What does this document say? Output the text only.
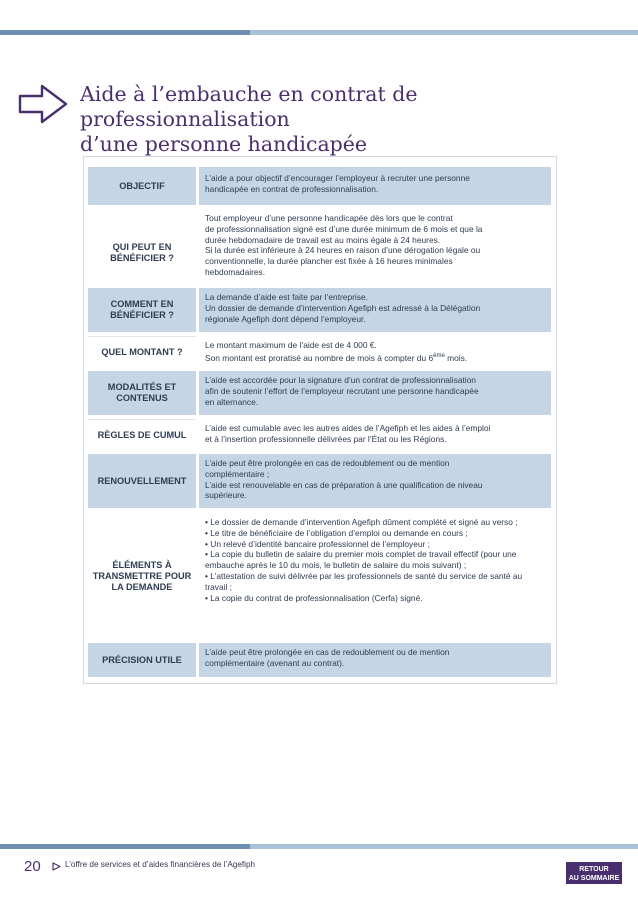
Aide à l’embauche en contrat de professionnalisation
d’une personne handicapée
OBJECTIF
L’aide a pour objectif d’encourager l’employeur à recruter une personne
handicapée en contrat de professionnalisation.
QUI PEUT EN BÉNÉFICIER ?
Tout employeur d’une personne handicapée dès lors que le contrat
de professionnalisation signé est d’une durée minimum de 6 mois et que la
durée hebdomadaire de travail est au moins égale à 24 heures.
Si la durée est inférieure à 24 heures en raison d’une dérogation légale ou
conventionnelle, la durée plancher est fixée à 16 heures minimales
hebdomadaires.
COMMENT EN BÉNÉFICIER ?
La demande d’aide est faite par l’entreprise.
Un dossier de demande d’intervention Agefiph est adressé à la Délégation
régionale Agefiph dont dépend l’employeur.
QUEL MONTANT ?
Le montant maximum de l’aide est de 4 000 €.
Son montant est proratisé au nombre de mois à compter du 6ème mois.
MODALITÉS ET CONTENUS
L’aide est accordée pour la signature d’un contrat de professionnalisation
afin de soutenir l’effort de l’employeur recrutant une personne handicapée
en alternance.
RÈGLES DE CUMUL
L’aide est cumulable avec les autres aides de l’Agefiph et les aides à l’emploi
et à l’insertion professionnelle délivrées par l’État ou les Régions.
RENOUVELLEMENT
L’aide peut être prolongée en cas de redoublement ou de mention
complémentaire ;
L’aide est renouvelable en cas de préparation à une qualification de niveau
supérieure.
ÉLÉMENTS À TRANSMETTRE POUR LA DEMANDE
• Le dossier de demande d’intervention Agefiph dûment complété et signé au verso ;
• Le titre de bénéficiaire de l’obligation d’emploi ou demande en cours ;
• Un relevé d’identité bancaire professionnel de l’employeur ;
• La copie du bulletin de salaire du premier mois complet de travail effectif (pour une embauche après le 10 du mois, le bulletin de salaire du mois suivant) ;
• L’attestation de suivi délivrée par les professionnels de santé du service de santé au travail ;
• La copie du contrat de professionnalisation (Cerfa) signé.
PRÉCISION UTILE
L’aide peut être prolongée en cas de redoublement ou de mention
complémentaire (avenant au contrat).
20	L’offre de services et d’aides financières de l’Agefiph
RETOUR
AU SOMMAIRE
